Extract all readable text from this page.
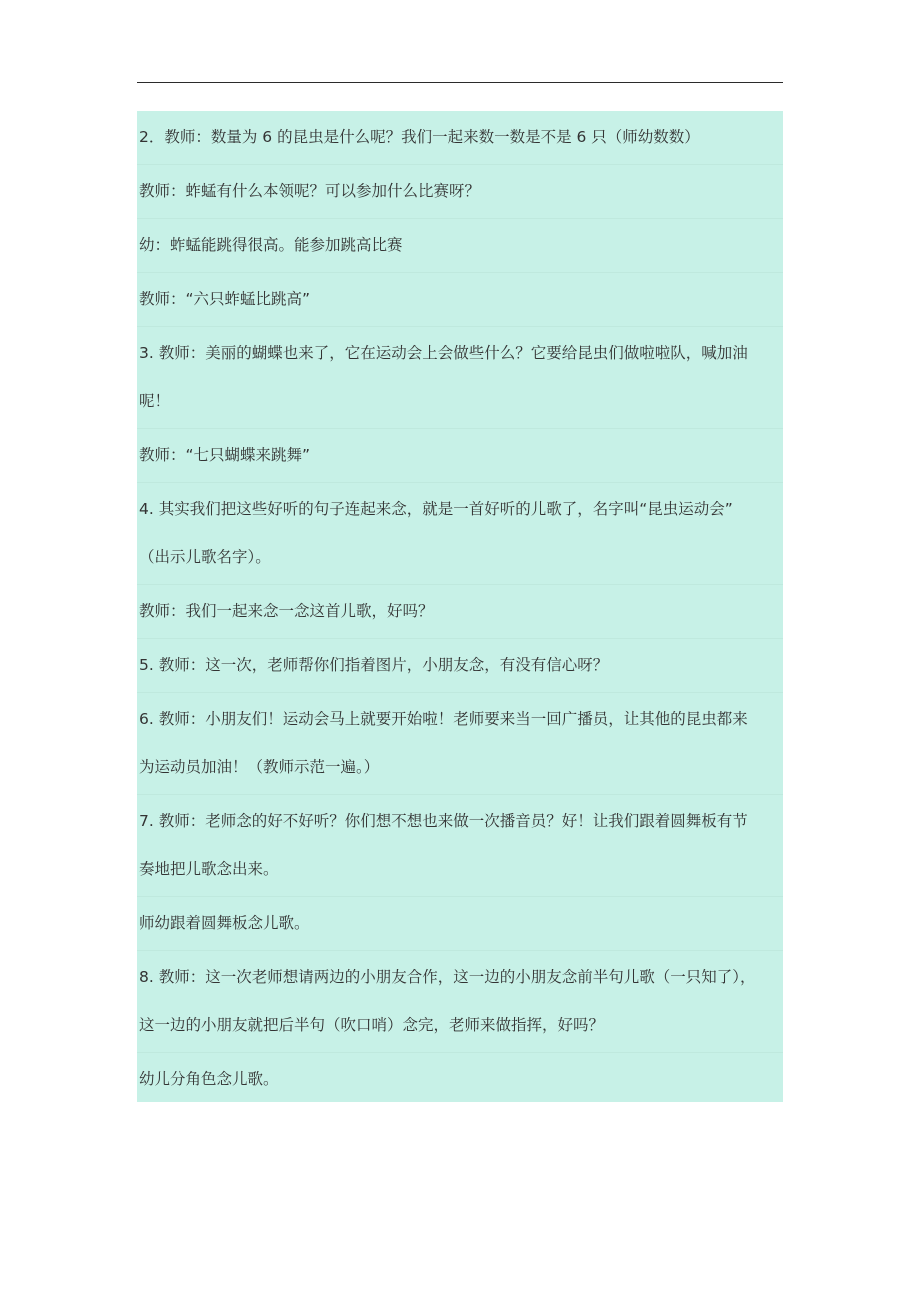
2．教师：数量为 6 的昆虫是什么呢？我们一起来数一数是不是 6 只（师幼数数）
教师：蚱蜢有什么本领呢？可以参加什么比赛呀？
幼：蚱蜢能跳得很高。能参加跳高比赛
教师：“六只蚱蜢比跳高”
3. 教师：美丽的蝴蝶也来了，它在运动会上会做些什么？它要给昆虫们做啦啦队，喊加油
呢！
教师：“七只蝴蝶来跳舞”
4. 其实我们把这些好听的句子连起来念，就是一首好听的儿歌了，名字叫“昆虫运动会”
（出示儿歌名字）。
教师：我们一起来念一念这首儿歌，好吗？
5. 教师：这一次，老师帮你们指着图片，小朋友念，有没有信心呀？
6. 教师：小朋友们！运动会马上就要开始啦！老师要来当一回广播员，让其他的昆虫都来
为运动员加油！（教师示范一遍。）
7. 教师：老师念的好不好听？你们想不想也来做一次播音员？好！让我们跟着圆舞板有节
奏地把儿歌念出来。
师幼跟着圆舞板念儿歌。
8. 教师：这一次老师想请两边的小朋友合作，这一边的小朋友念前半句儿歌（一只知了），
这一边的小朋友就把后半句（吹口哨）念完，老师来做指挥，好吗？
幼儿分角色念儿歌。
